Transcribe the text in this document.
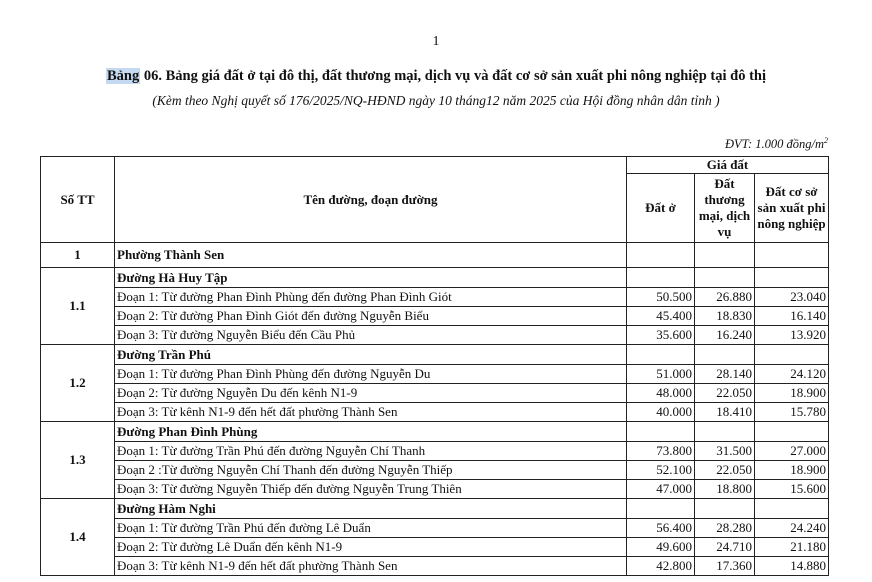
1
Bảng 06. Bảng giá đất ở tại đô thị, đất thương mại, dịch vụ và đất cơ sở sản xuất phi nông nghiệp tại đô thị
(Kèm theo Nghị quyết số 176/2025/NQ-HĐND ngày 10 tháng12 năm 2025 của Hội đồng nhân dân tỉnh )
ĐVT: 1.000 đồng/$m^2$
Số TT	Tên đường, đoạn đường	Giá đất		
		Đất ở	Đất thương mại, dịch vụ	Đất cơ sở sản xuất phi nông nghiệp
1	Phường Thành Sen			
1.1	Đường Hà Huy Tập			
	Đoạn 1: Từ đường Phan Đình Phùng đến đường Phan Đình Giót	50.500	26.880	23.040
	Đoạn 2: Từ đường Phan Đình Giót đến đường Nguyễn Biểu	45.400	18.830	16.140
	Đoạn 3: Từ đường Nguyễn Biểu đến Cầu Phủ	35.600	16.240	13.920
1.2	Đường Trần Phú			
	Đoạn 1: Từ đường Phan Đình Phùng đến đường Nguyễn Du	51.000	28.140	24.120
	Đoạn 2: Từ đường Nguyễn Du đến kênh N1-9	48.000	22.050	18.900
	Đoạn 3: Từ kênh N1-9 đến hết đất phường Thành Sen	40.000	18.410	15.780
1.3	Đường Phan Đình Phùng			
	Đoạn 1: Từ đường Trần Phú đến đường Nguyễn Chí Thanh	73.800	31.500	27.000
	Đoạn 2 :Từ đường Nguyễn Chí Thanh đến đường Nguyễn Thiếp	52.100	22.050	18.900
	Đoạn 3: Từ đường Nguyễn Thiếp đến đường Nguyễn Trung Thiên	47.000	18.800	15.600
1.4	Đường Hàm Nghi			
	Đoạn 1: Từ đường Trần Phú đến đường Lê Duẩn	56.400	28.280	24.240
	Đoạn 2: Từ đường Lê Duẩn đến kênh N1-9	49.600	24.710	21.180
	Đoạn 3: Từ kênh N1-9 đến hết đất phường Thành Sen	42.800	17.360	14.880
